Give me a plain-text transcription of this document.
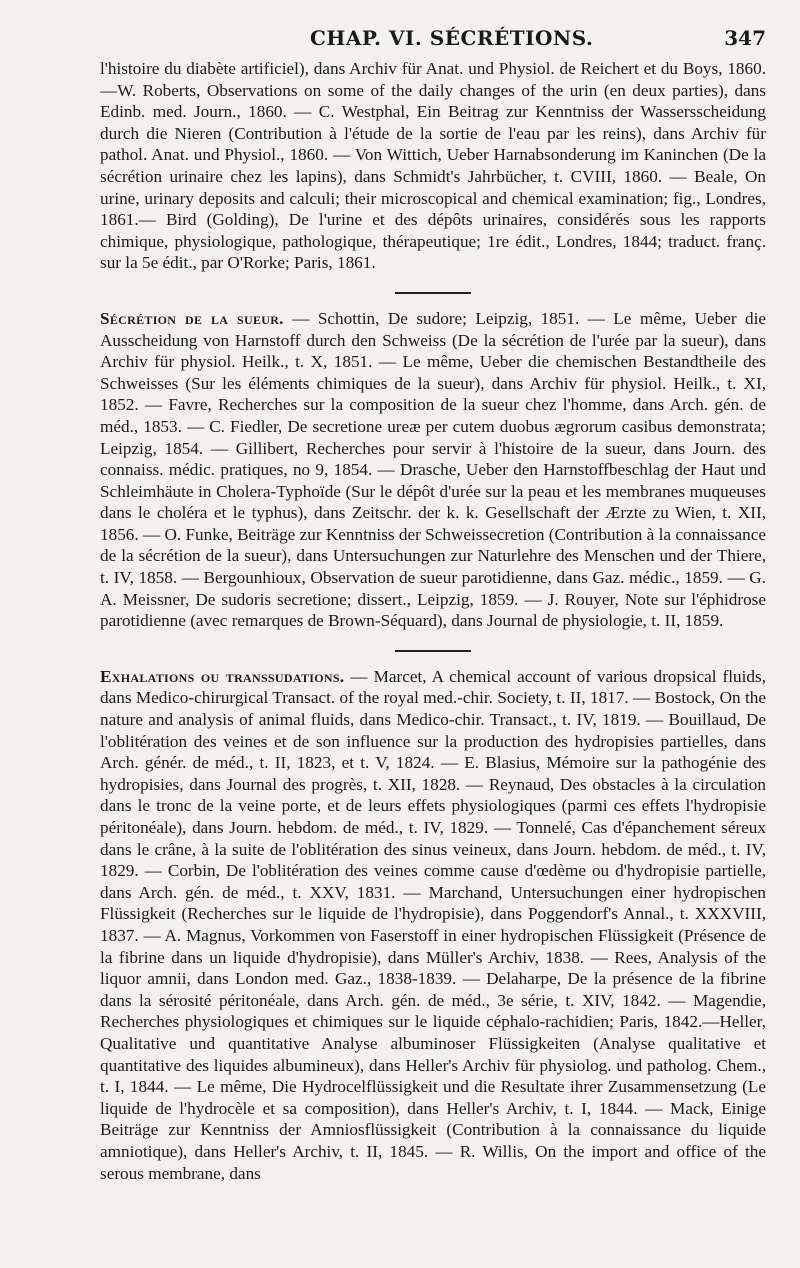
CHAP. VI. SÉCRÉTIONS.	347

l'histoire du diabète artificiel), dans Archiv für Anat. und Physiol. de Reichert et du Boys, 1860.—W. Roberts, Observations on some of the daily changes of the urin (en deux parties), dans Edinb. med. Journ., 1860. — C. Westphal, Ein Beitrag zur Kenntniss der Wassersscheidung durch die Nieren (Contribution à l'étude de la sortie de l'eau par les reins), dans Archiv für pathol. Anat. und Physiol., 1860. — Von Wittich, Ueber Harnabsonderung im Kaninchen (De la sécrétion urinaire chez les lapins), dans Schmidt's Jahrbücher, t. CVIII, 1860. — Beale, On urine, urinary deposits and calculi; their microscopical and chemical examination; fig., Londres, 1861.— Bird (Golding), De l'urine et des dépôts urinaires, considérés sous les rapports chimique, physiologique, pathologique, thérapeutique; 1re édit., Londres, 1844; traduct. franç. sur la 5e édit., par O'Rorke; Paris, 1861.

Sécrétion de la sueur. — Schottin, De sudore; Leipzig, 1851. — Le même, Ueber die Ausscheidung von Harnstoff durch den Schweiss (De la sécrétion de l'urée par la sueur), dans Archiv für physiol. Heilk., t. X, 1851. — Le même, Ueber die chemischen Bestandtheile des Schweisses (Sur les éléments chimiques de la sueur), dans Archiv für physiol. Heilk., t. XI, 1852. — Favre, Recherches sur la composition de la sueur chez l'homme, dans Arch. gén. de méd., 1853. — C. Fiedler, De secretione ureæ per cutem duobus ægrorum casibus demonstrata; Leipzig, 1854. — Gillibert, Recherches pour servir à l'histoire de la sueur, dans Journ. des connaiss. médic. pratiques, no 9, 1854. — Drasche, Ueber den Harnstoffbeschlag der Haut und Schleimhäute in Cholera-Typhoïde (Sur le dépôt d'urée sur la peau et les membranes muqueuses dans le choléra et le typhus), dans Zeitschr. der k. k. Gesellschaft der Ærzte zu Wien, t. XII, 1856. — O. Funke, Beiträge zur Kenntniss der Schweissecretion (Contribution à la connaissance de la sécrétion de la sueur), dans Untersuchungen zur Naturlehre des Menschen und der Thiere, t. IV, 1858. — Bergounhioux, Observation de sueur parotidienne, dans Gaz. médic., 1859. — G. A. Meissner, De sudoris secretione; dissert., Leipzig, 1859. — J. Rouyer, Note sur l'éphidrose parotidienne (avec remarques de Brown-Séquard), dans Journal de physiologie, t. II, 1859.

Exhalations ou transsudations. — Marcet, A chemical account of various dropsical fluids, dans Medico-chirurgical Transact. of the royal med.-chir. Society, t. II, 1817. — Bostock, On the nature and analysis of animal fluids, dans Medico-chir. Transact., t. IV, 1819. — Bouillaud, De l'oblitération des veines et de son influence sur la production des hydropisies partielles, dans Arch. génér. de méd., t. II, 1823, et t. V, 1824. — E. Blasius, Mémoire sur la pathogénie des hydropisies, dans Journal des progrès, t. XII, 1828. — Reynaud, Des obstacles à la circulation dans le tronc de la veine porte, et de leurs effets physiologiques (parmi ces effets l'hydropisie péritonéale), dans Journ. hebdom. de méd., t. IV, 1829. — Tonnelé, Cas d'épanchement séreux dans le crâne, à la suite de l'oblitération des sinus veineux, dans Journ. hebdom. de méd., t. IV, 1829. — Corbin, De l'oblitération des veines comme cause d'œdème ou d'hydropisie partielle, dans Arch. gén. de méd., t. XXV, 1831. — Marchand, Untersuchungen einer hydropischen Flüssigkeit (Recherches sur le liquide de l'hydropisie), dans Poggendorf's Annal., t. XXXVIII, 1837. — A. Magnus, Vorkommen von Faserstoff in einer hydropischen Flüssigkeit (Présence de la fibrine dans un liquide d'hydropisie), dans Müller's Archiv, 1838. — Rees, Analysis of the liquor amnii, dans London med. Gaz., 1838-1839. — Delaharpe, De la présence de la fibrine dans la sérosité péritonéale, dans Arch. gén. de méd., 3e série, t. XIV, 1842. — Magendie, Recherches physiologiques et chimiques sur le liquide céphalo-rachidien; Paris, 1842.—Heller, Qualitative und quantitative Analyse albuminoser Flüssigkeiten (Analyse qualitative et quantitative des liquides albumineux), dans Heller's Archiv für physiolog. und patholog. Chem., t. I, 1844. — Le même, Die Hydrocelflüssigkeit und die Resultate ihrer Zusammensetzung (Le liquide de l'hydrocèle et sa composition), dans Heller's Archiv, t. I, 1844. — Mack, Einige Beiträge zur Kenntniss der Amniosflüssigkeit (Contribution à la connaissance du liquide amniotique), dans Heller's Archiv, t. II, 1845. — R. Willis, On the import and office of the serous membrane, dans
